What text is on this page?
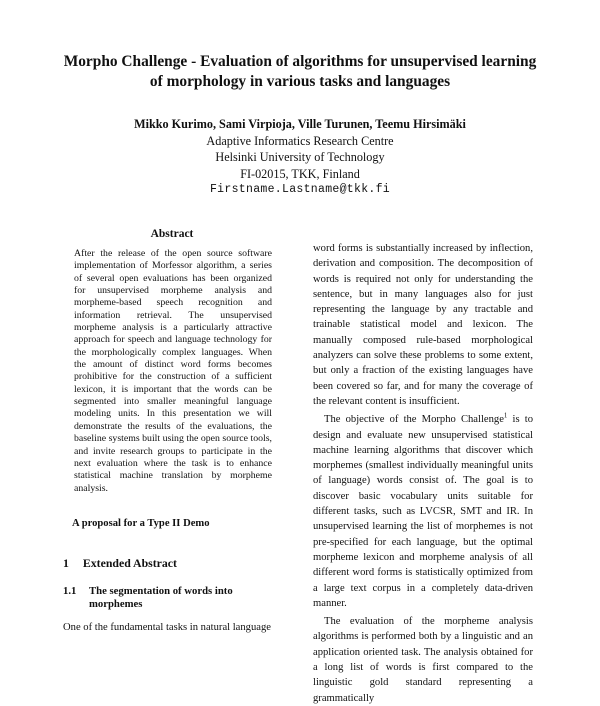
Morpho Challenge - Evaluation of algorithms for unsupervised learning of morphology in various tasks and languages
Mikko Kurimo, Sami Virpioja, Ville Turunen, Teemu Hirsimäki
Adaptive Informatics Research Centre
Helsinki University of Technology
FI-02015, TKK, Finland
Firstname.Lastname@tkk.fi
Abstract

After the release of the open source software implementation of Morfessor algorithm, a series of several open evaluations has been organized for unsupervised morpheme analysis and morpheme-based speech recognition and information retrieval. The unsupervised morpheme analysis is a particularly attractive approach for speech and language technology for the morphologically complex languages. When the amount of distinct word forms becomes prohibitive for the construction of a sufficient lexicon, it is important that the words can be segmented into smaller meaningful language modeling units. In this presentation we will demonstrate the results of the evaluations, the baseline systems built using the open source tools, and invite research groups to participate in the next evaluation where the task is to enhance statistical machine translation by morpheme analysis.

A proposal for a Type II Demo
1 Extended Abstract
1.1	The segmentation of words into morphemes
One of the fundamental tasks in natural language

word forms is substantially increased by inflection, derivation and composition. The decomposition of words is required not only for understanding the sentence, but in many languages also for just representing the language by any tractable and trainable statistical model and lexicon. The manually composed rule-based morphological analyzers can solve these problems to some extent, but only a fraction of the existing languages have been covered so far, and for many the coverage of the relevant content is insufficient.

The objective of the Morpho Challenge$^1$ is to design and evaluate new unsupervised statistical machine learning algorithms that discover which morphemes (smallest individually meaningful units of language) words consist of. The goal is to discover basic vocabulary units suitable for different tasks, such as LVCSR, SMT and IR. In unsupervised learning the list of morphemes is not pre-specified for each language, but the optimal morpheme lexicon and morpheme analysis of all different word forms is statistically optimized from a large text corpus in a completely data-driven manner.

The evaluation of the morpheme analysis algorithms is performed both by a linguistic and an application oriented task. The analysis obtained for a long list of words is first compared to the linguistic gold standard representing a grammatically
